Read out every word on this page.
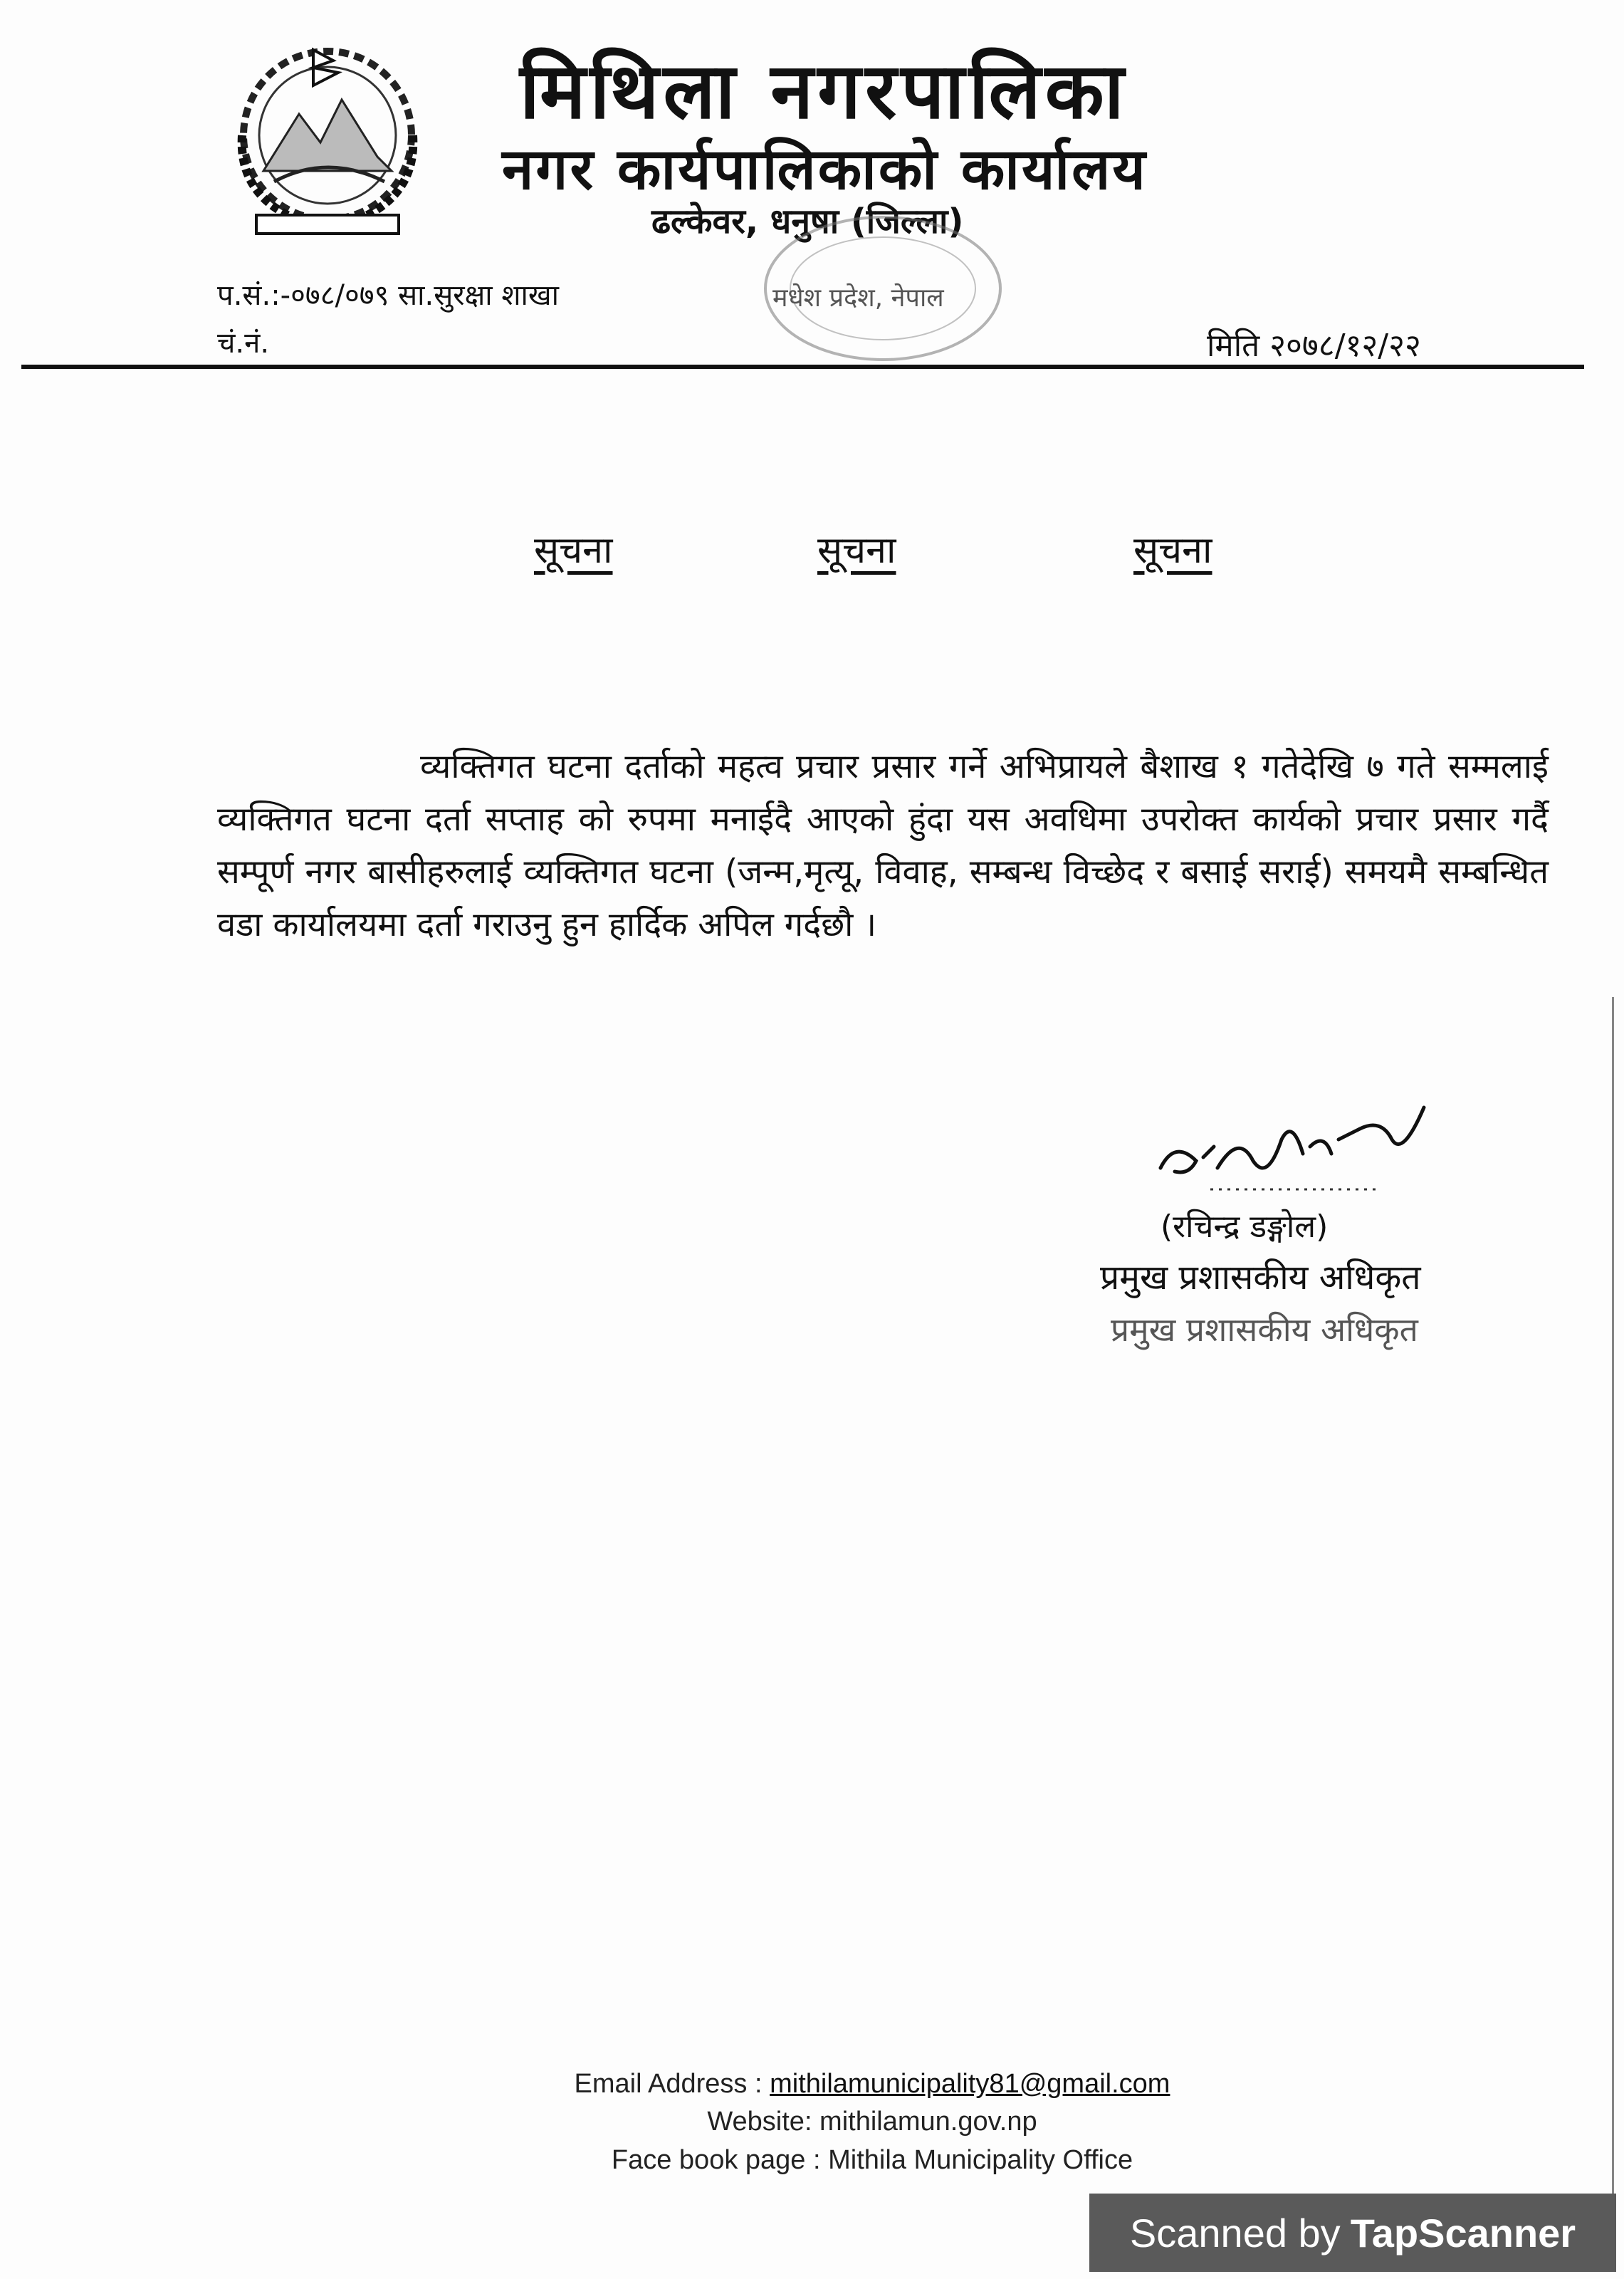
मिथिला नगरपालिका
नगर कार्यपालिकाको कार्यालय
ढल्केवर, धनुषा (जिल्ला)
मधेश प्रदेश, नेपाल
प.सं.:-०७८/०७९ सा.सुरक्षा शाखा
चं.नं.	मिति २०७८/१२/२२
सूचना	सूचना	सूचना
व्यक्तिगत घटना दर्ताको महत्व प्रचार प्रसार गर्ने अभिप्रायले बैशाख १ गतेदेखि ७ गते सम्मलाई व्यक्तिगत घटना दर्ता सप्ताह को रुपमा मनाईदै आएको हुंदा यस अवधिमा उपरोक्त कार्यको प्रचार प्रसार गर्दै सम्पूर्ण नगर बासीहरुलाई व्यक्तिगत घटना (जन्म,मृत्यू, विवाह, सम्बन्ध विच्छेद र बसाई सराई) समयमै सम्बन्धित वडा कार्यालयमा दर्ता गराउनु हुन हार्दिक अपिल गर्दछौ ।
(रचिन्द्र डङ्गोल)
प्रमुख प्रशासकीय अधिकृत
प्रमुख प्रशासकीय अधिकृत
Email Address : mithilamunicipality81@gmail.com
Website: mithilamun.gov.np
Face book page : Mithila Municipality Office
Scanned by TapScanner
